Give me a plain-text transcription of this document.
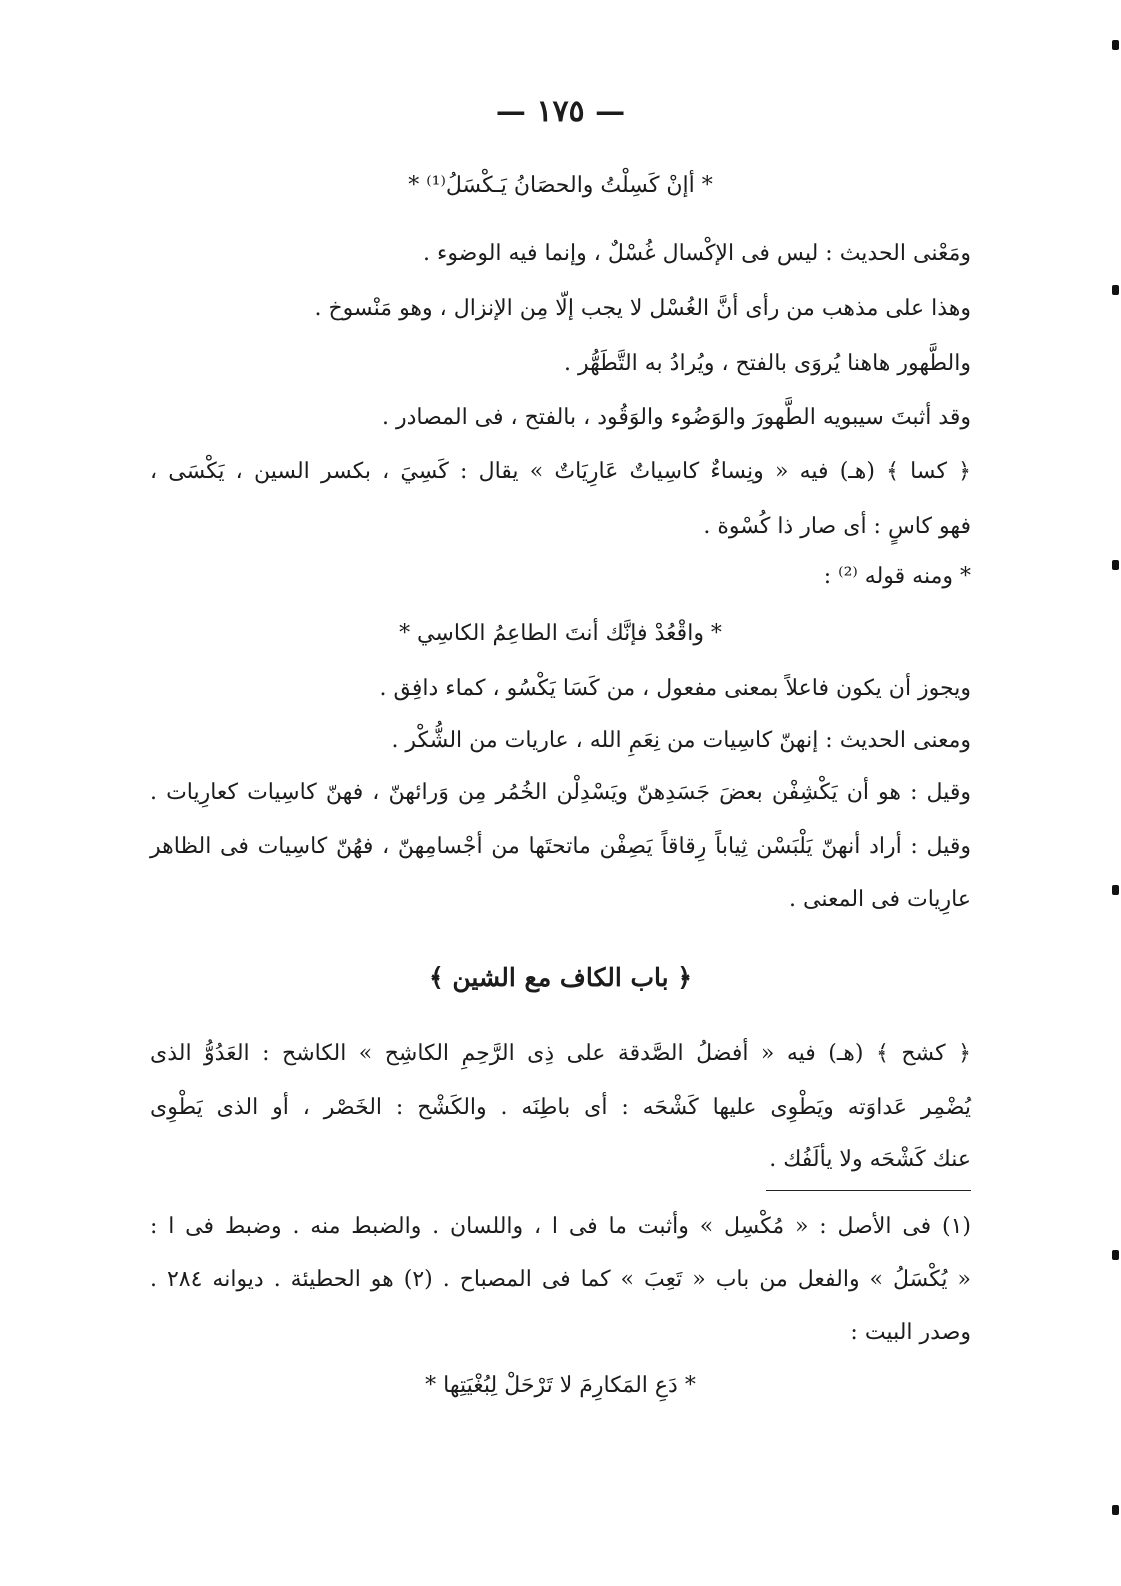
— ١٧٥ —
* أإنْ كَسِلْتُ والحصَانُ يَـكْسَلُ⁽¹⁾ *
ومَعْنى الحديث : ليس فى الإكْسال غُسْلٌ ، وإنما فيه الوضوء .
وهذا على مذهب من رأى أنَّ الغُسْل لا يجب إلّا مِن الإنزال ، وهو مَنْسوخ .
والطَّهور هاهنا يُروَى بالفتح ، ويُرادُ به التَّطَهُّر .
وقد أثبتَ سيبويه الطَّهورَ والوَضُوء والوَقُود ، بالفتح ، فى المصادر .
﴿ كسا ﴾ (هـ) فيه « ونِساءٌ كاسِياتٌ عَارِيَاتٌ » يقال : كَسِيَ ، بكسر السين ، يَكْسَى ،
فهو كاسٍ : أى صار ذا كُسْوة .
* ومنه قوله ⁽²⁾ :
* واقْعُدْ فإنَّك أنتَ الطاعِمُ الكاسِي *
ويجوز أن يكون فاعلاً بمعنى مفعول ، من كَسَا يَكْسُو ، كماء دافِق .
ومعنى الحديث : إنهنّ كاسِيات من نِعَمِ الله ، عاريات من الشُّكْر .
وقيل : هو أن يَكْشِفْن بعضَ جَسَدِهنّ ويَسْدِلْن الخُمُر مِن وَرائهنّ ، فهنّ كاسِيات كعارِيات .
وقيل : أراد أنهنّ يَلْبَسْن ثِياباً رِقاقاً يَصِفْن ماتحتَها من أجْسامِهنّ ، فهُنّ كاسِيات فى الظاهر
عارِيات فى المعنى .
﴿ باب الكاف مع الشين ﴾
﴿ كشح ﴾ (هـ) فيه « أفضلُ الصَّدقة على ذِى الرَّحِمِ الكاشِح » الكاشح : العَدُوُّ الذى
يُضْمِر عَداوَته ويَطْوِى عليها كَشْحَه : أى باطِنَه . والكَشْح : الخَصْر ، أو الذى يَطْوِى
عنك كَشْحَه ولا يألَفُك .
(١) فى الأصل : « مُكْسِل » وأثبت ما فى ا ، واللسان . والضبط منه . وضبط فى ا :
« يُكْسَلُ » والفعل من باب « تَعِبَ » كما فى المصباح . (٢) هو الحطيئة . ديوانه ٢٨٤ .
وصدر البيت :
* دَعِ المَكارِمَ لا تَرْحَلْ لِبُغْيَتِها *
